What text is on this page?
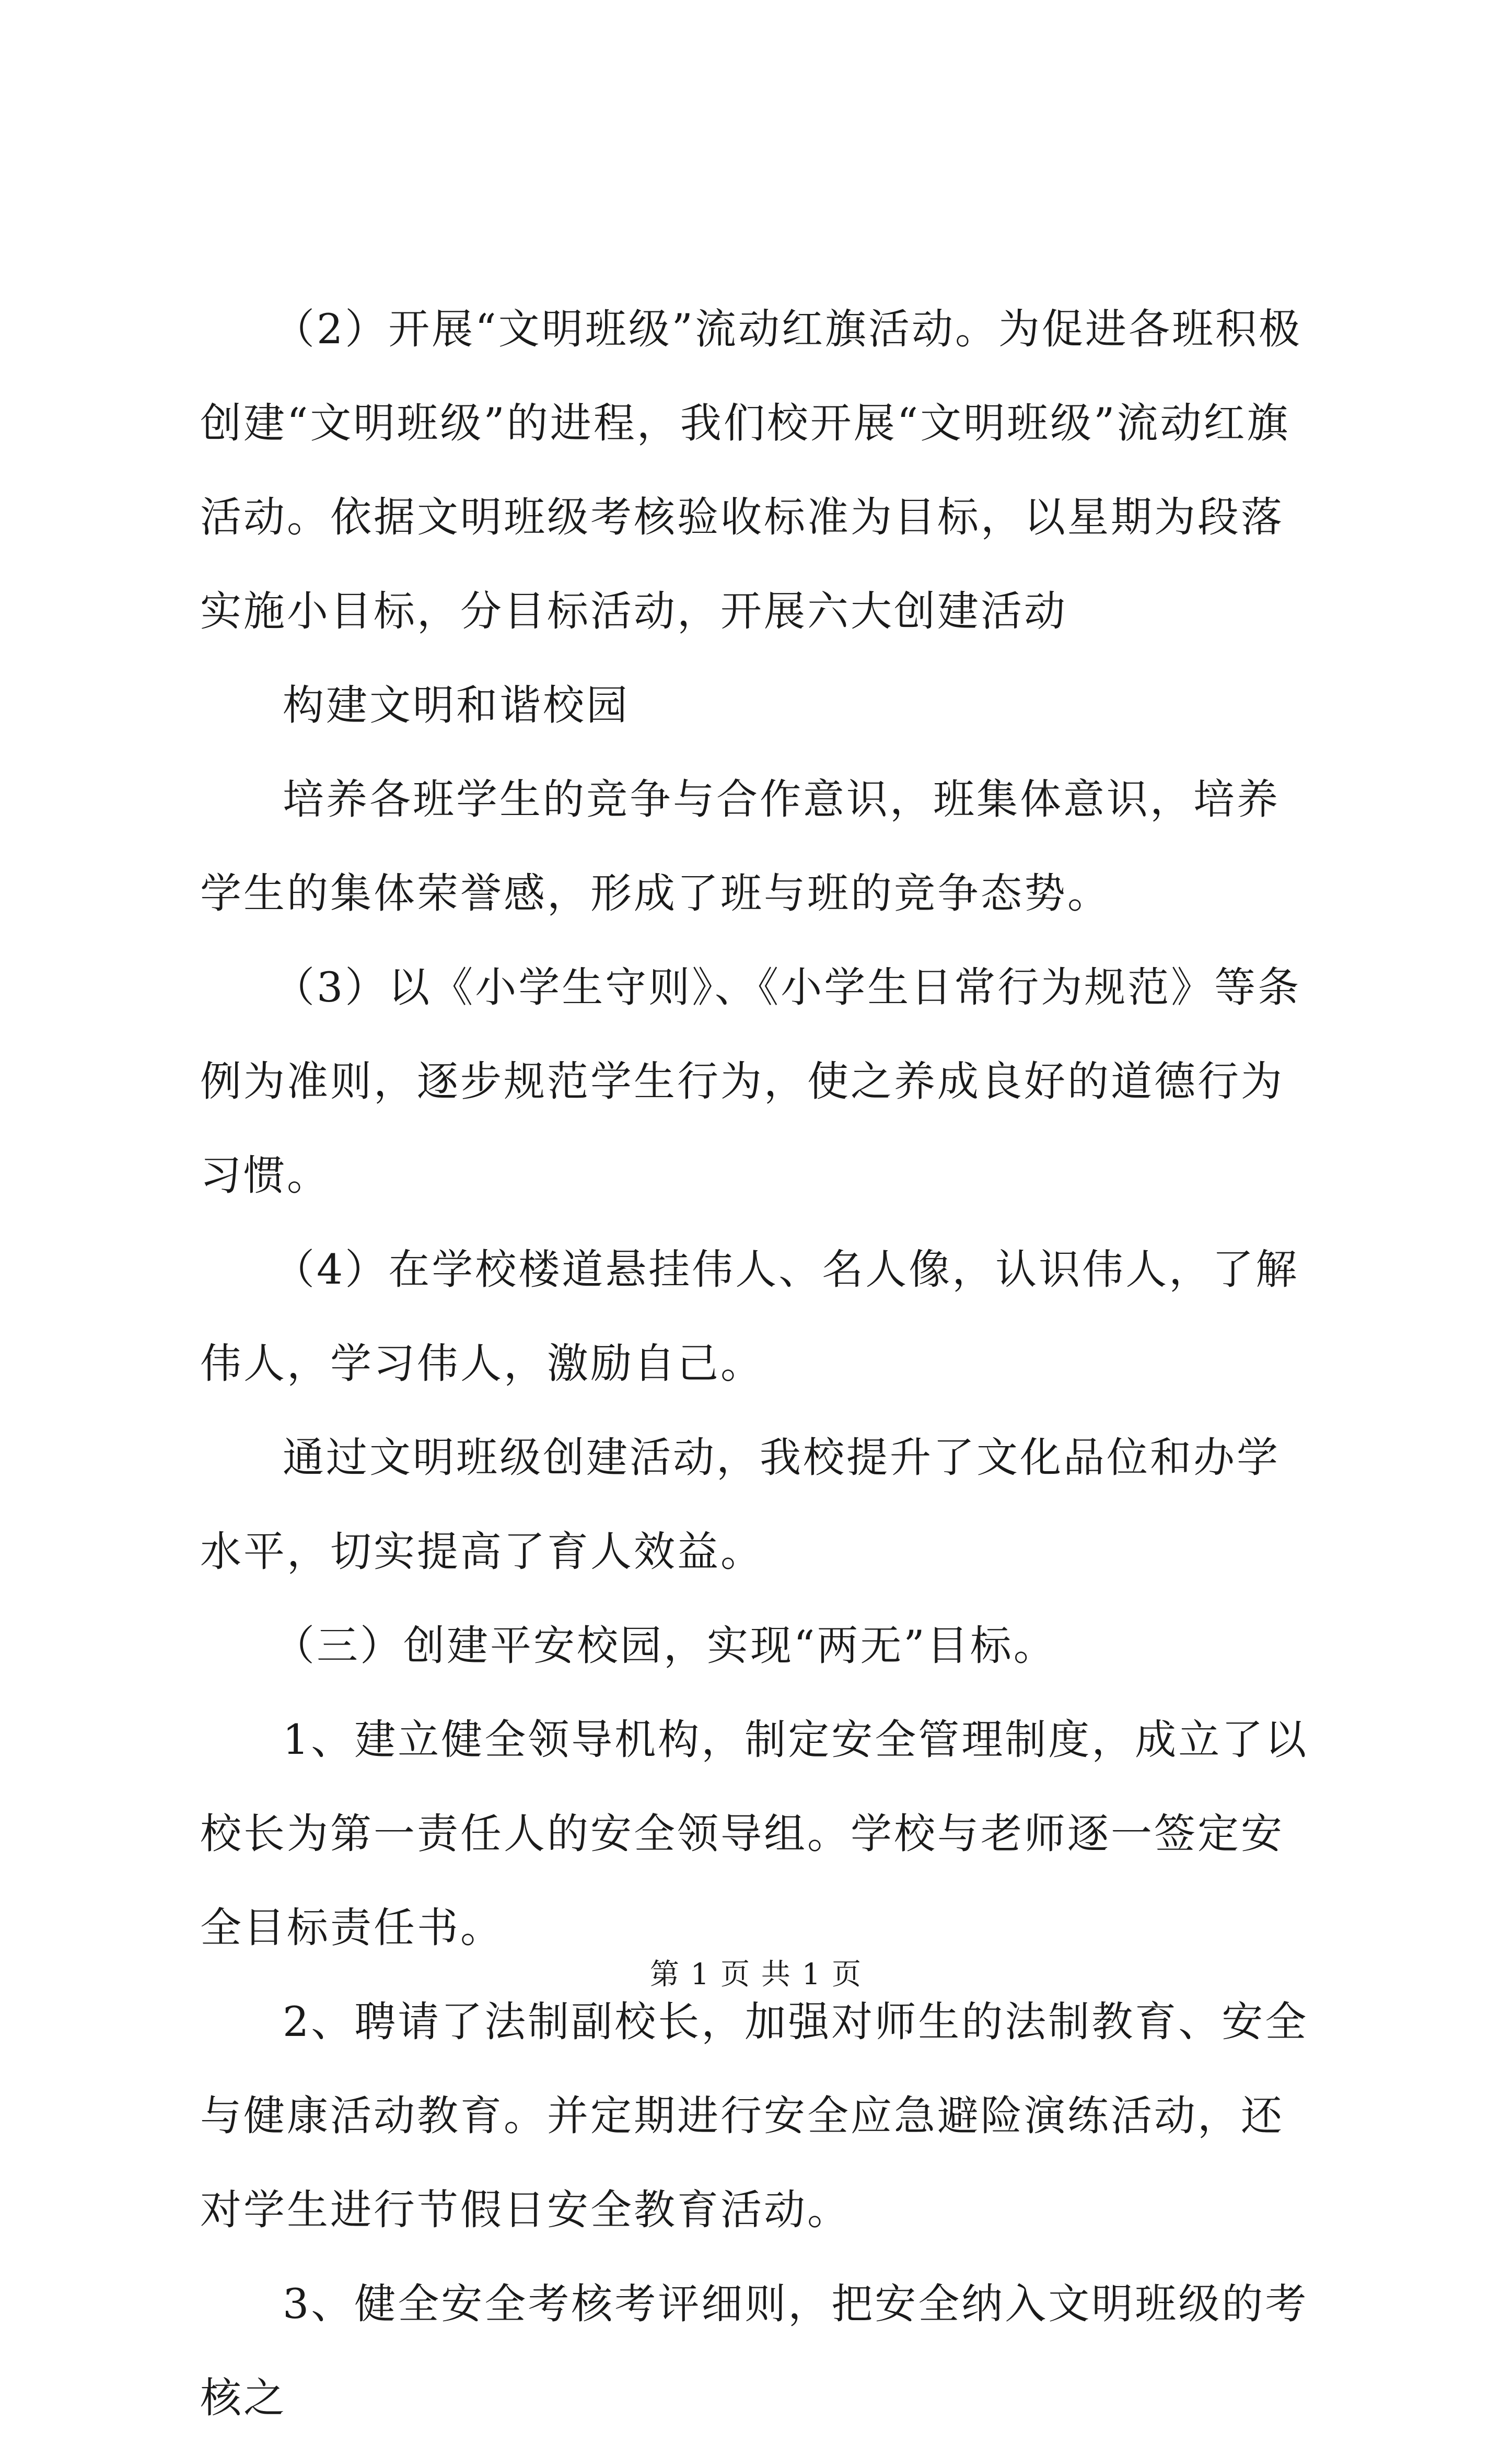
（2）开展“文明班级”流动红旗活动。为促进各班积极创建“文明班级”的进程，我们校开展“文明班级”流动红旗活动。依据文明班级考核验收标准为目标，以星期为段落实施小目标，分目标活动，开展六大创建活动

构建文明和谐校园

培养各班学生的竞争与合作意识，班集体意识，培养学生的集体荣誉感，形成了班与班的竞争态势。

（3）以《小学生守则》、《小学生日常行为规范》等条例为准则，逐步规范学生行为，使之养成良好的道德行为习惯。

（4）在学校楼道悬挂伟人、名人像，认识伟人，了解伟人，学习伟人，激励自己。

通过文明班级创建活动，我校提升了文化品位和办学水平，切实提高了育人效益。

（三）创建平安校园，实现“两无”目标。

1、建立健全领导机构，制定安全管理制度，成立了以校长为第一责任人的安全领导组。学校与老师逐一签定安全目标责任书。

2、聘请了法制副校长，加强对师生的法制教育、安全与健康活动教育。并定期进行安全应急避险演练活动，还对学生进行节假日安全教育活动。

3、健全安全考核考评细则，把安全纳入文明班级的考核之

第 1 页 共 1 页
